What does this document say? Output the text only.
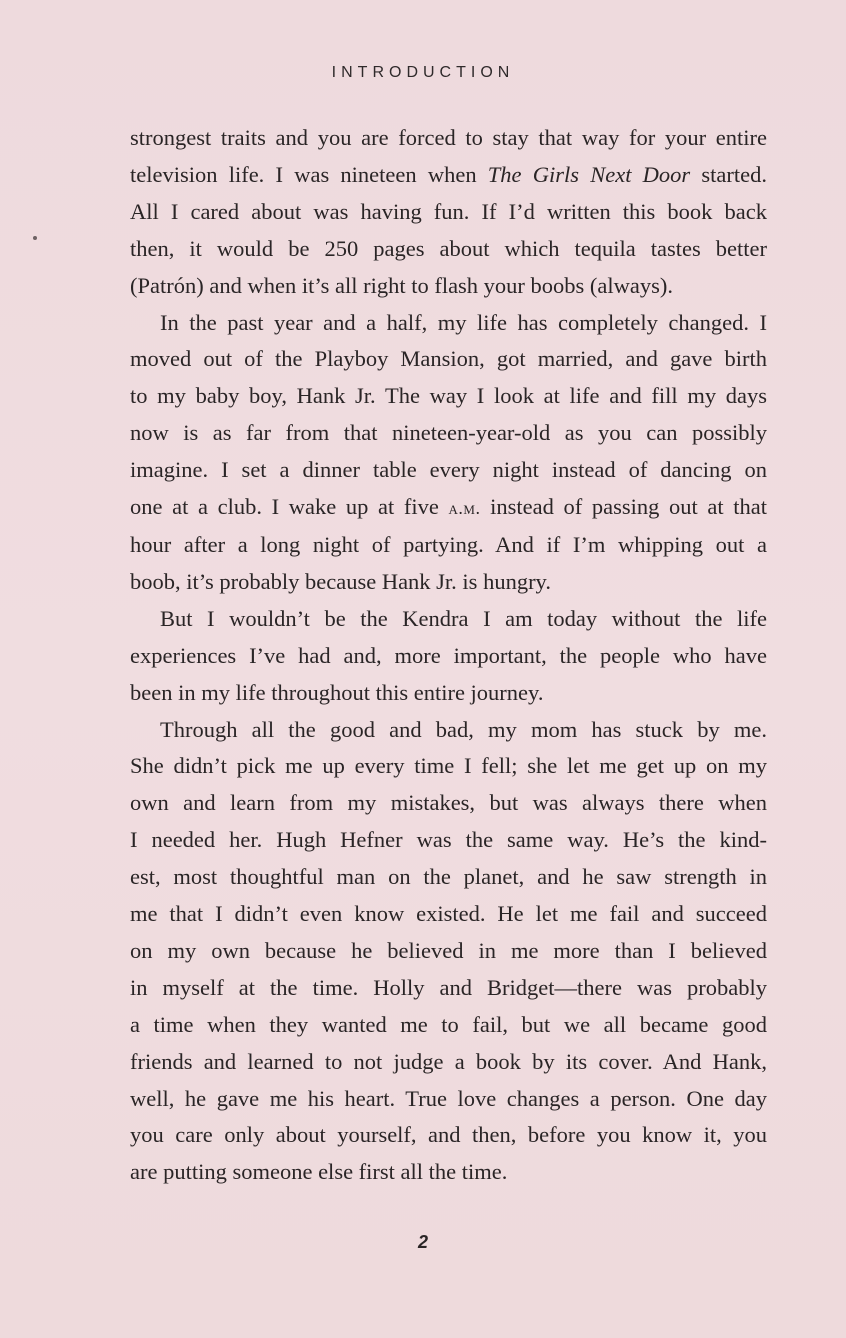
INTRODUCTION
strongest traits and you are forced to stay that way for your entire
television life. I was nineteen when The Girls Next Door started.
All I cared about was having fun. If I’d written this book back
then, it would be 250 pages about which tequila tastes better
(Patrón) and when it’s all right to flash your boobs (always).
In the past year and a half, my life has completely changed. I
moved out of the Playboy Mansion, got married, and gave birth
to my baby boy, Hank Jr. The way I look at life and fill my days
now is as far from that nineteen-year-old as you can possibly
imagine. I set a dinner table every night instead of dancing on
one at a club. I wake up at five a.m. instead of passing out at that
hour after a long night of partying. And if I’m whipping out a
boob, it’s probably because Hank Jr. is hungry.
But I wouldn’t be the Kendra I am today without the life
experiences I’ve had and, more important, the people who have
been in my life throughout this entire journey.
Through all the good and bad, my mom has stuck by me.
She didn’t pick me up every time I fell; she let me get up on my
own and learn from my mistakes, but was always there when
I needed her. Hugh Hefner was the same way. He’s the kind-
est, most thoughtful man on the planet, and he saw strength in
me that I didn’t even know existed. He let me fail and succeed
on my own because he believed in me more than I believed
in myself at the time. Holly and Bridget—there was probably
a time when they wanted me to fail, but we all became good
friends and learned to not judge a book by its cover. And Hank,
well, he gave me his heart. True love changes a person. One day
you care only about yourself, and then, before you know it, you
are putting someone else first all the time.
2
